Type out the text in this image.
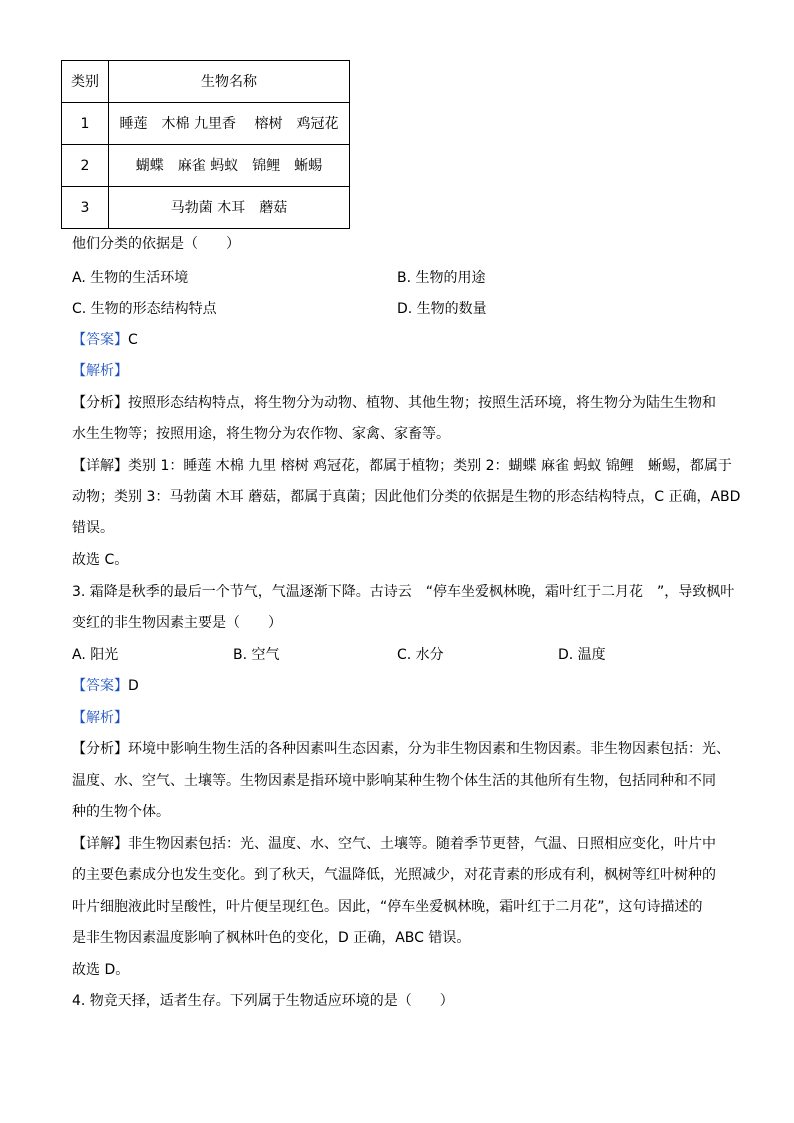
类别	生物名称
1	睡莲　木棉 九里香　 榕树　鸡冠花
2	蝴蝶　麻雀 蚂蚁　锦鲤　蜥蜴
3	马勃菌 木耳　蘑菇
他们分类的依据是（　　）
A. 生物的生活环境	B. 生物的用途
C. 生物的形态结构特点	D. 生物的数量
【答案】C
【解析】
【分析】按照形态结构特点，将生物分为动物、植物、其他生物；按照生活环境，将生物分为陆生生物和
水生生物等；按照用途，将生物分为农作物、家禽、家畜等。
【详解】类别 1：睡莲 木棉 九里 榕树 鸡冠花，都属于植物；类别 2：蝴蝶 麻雀 蚂蚁 锦鲤　蜥蜴，都属于
动物；类别 3：马勃菌 木耳 蘑菇，都属于真菌；因此他们分类的依据是生物的形态结构特点，C 正确，ABD
错误。
故选 C。
3. 霜降是秋季的最后一个节气，气温逐渐下降。古诗云　“停车坐爱枫林晚，霜叶红于二月花　”，导致枫叶
变红的非生物因素主要是（　　）
A. 阳光	B. 空气	C. 水分	D. 温度
【答案】D
【解析】
【分析】环境中影响生物生活的各种因素叫生态因素，分为非生物因素和生物因素。非生物因素包括：光、
温度、水、空气、土壤等。生物因素是指环境中影响某种生物个体生活的其他所有生物，包括同种和不同
种的生物个体。
【详解】非生物因素包括：光、温度、水、空气、土壤等。随着季节更替，气温、日照相应变化，叶片中
的主要色素成分也发生变化。到了秋天，气温降低，光照减少，对花青素的形成有利，枫树等红叶树种的
叶片细胞液此时呈酸性，叶片便呈现红色。因此，“停车坐爱枫林晚，霜叶红于二月花”，这句诗描述的
是非生物因素温度影响了枫林叶色的变化，D 正确，ABC 错误。
故选 D。
4. 物竞天择，适者生存。下列属于生物适应环境的是（　　）
